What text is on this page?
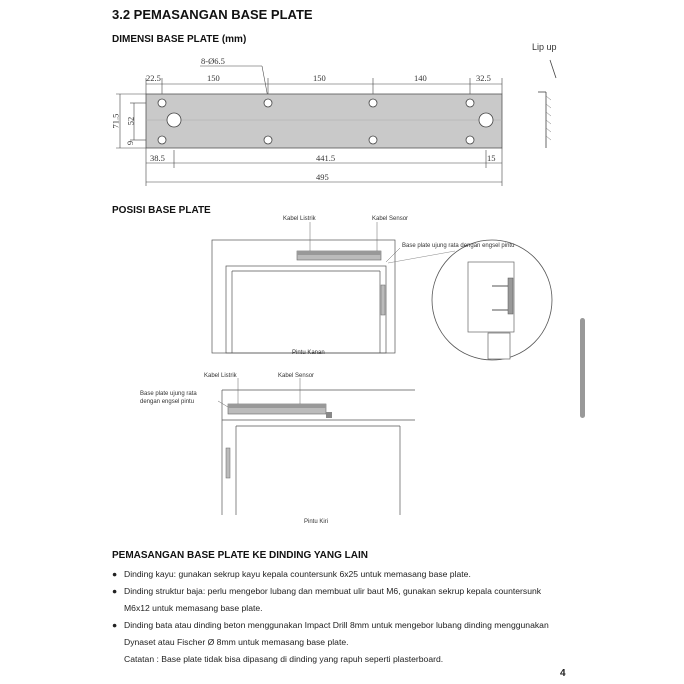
3.2 PEMASANGAN BASE PLATE
DIMENSI BASE PLATE (mm)
Lip up
8-Ø6.5
22.5	150	150	140	32.5
71.5 52
9
38.5	441.5	15
495
POSISI BASE PLATE
Kabel Listrik	Kabel Sensor
Base plate ujung rata dengan engsel pintu
Pintu Kanan
Kabel Listrik	Kabel Sensor
Base plate ujung rata
dengan engsel pintu
Pintu Kiri
PEMASANGAN BASE PLATE KE DINDING YANG LAIN
● Dinding kayu: gunakan sekrup kayu kepala countersunk 6x25 untuk memasang base plate.
● Dinding struktur baja: perlu mengebor lubang dan membuat ulir baut M6, gunakan sekrup kepala countersunk M6x12 untuk memasang base plate.
● Dinding bata atau dinding beton menggunakan Impact Drill 8mm untuk mengebor lubang dinding menggunakan Dynaset atau Fischer Ø 8mm untuk memasang base plate.
Catatan : Base plate tidak bisa dipasang di dinding yang rapuh seperti plasterboard.
4
